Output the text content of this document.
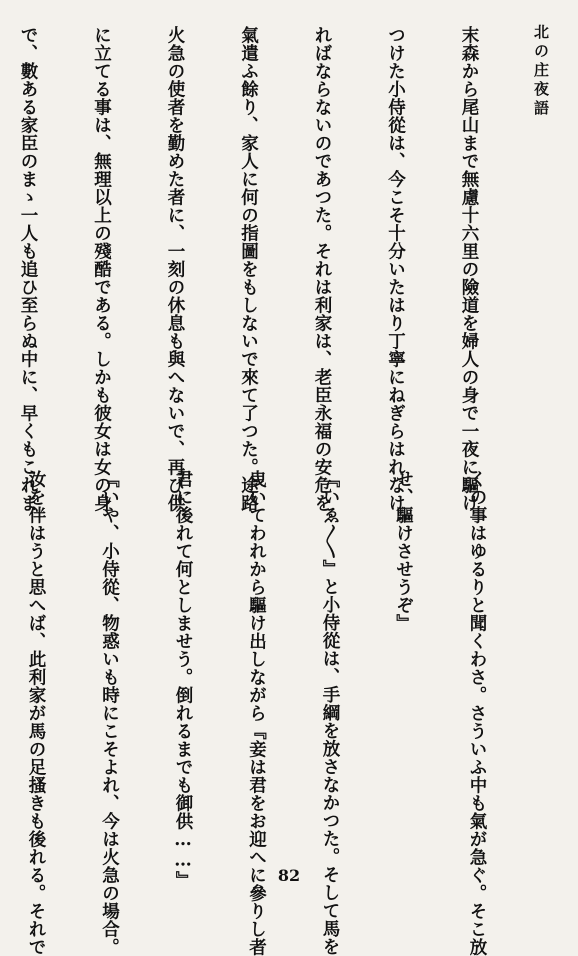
北の庄夜語

末森から尾山まで無慮十六里の險道を婦人の身で一夜に驅け

つけた小侍從は、今こそ十分いたはり丁寧にねぎらはれなけ

ればならないのであつた。それは利家は、老臣永福の安危を

氣遣ふ餘り、家人に何の指圖をもしないで來て了つた。途路

火急の使者を勤めた者に、一刻の休息も與へないで、再び供

に立てる事は、無理以上の殘酷である。しかも彼女は女の身

で、數ある家臣のまゝ一人も追ひ至らぬ中に、早くもこれま

くの事はゆるりと聞くわさ。さういふ中も氣が急ぐ。そこ放

せ、驅けさせうぞ』

『いゑ〳〵』と小侍從は、手綱を放さなかつた。そして馬を

曳いてわれから驅け出しながら『妾は君をお迎へに參りし者

君に後れて何としませう。倒れるまでも御供……』

『いや、小侍從、物惑いも時にこそよれ、今は火急の場合。

汝を伴はうと思へば、此利家が馬の足搔きも後れる。それで

	82
